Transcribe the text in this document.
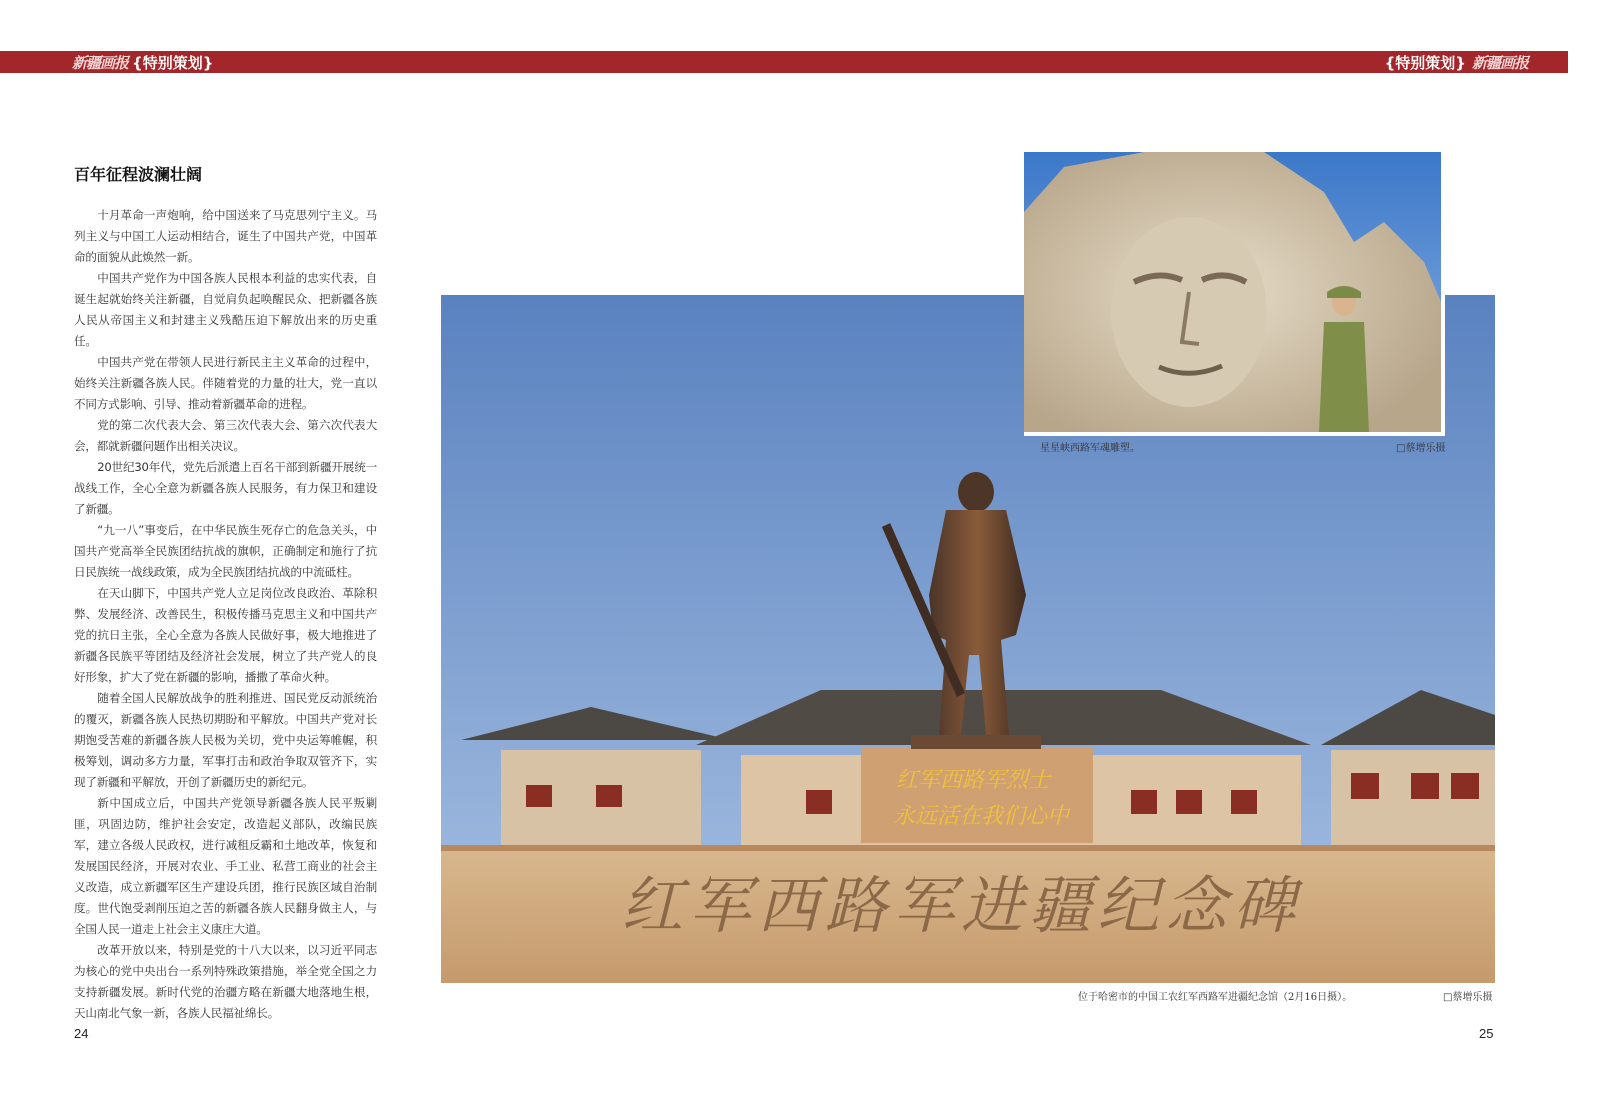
新疆画报 {特别策划}	{特别策划} 新疆画报
百年征程波澜壮阔

十月革命一声炮响，给中国送来了马克思列宁主义。马列主义与中国工人运动相结合，诞生了中国共产党，中国革命的面貌从此焕然一新。

中国共产党作为中国各族人民根本利益的忠实代表，自诞生起就始终关注新疆，自觉肩负起唤醒民众、把新疆各族人民从帝国主义和封建主义残酷压迫下解放出来的历史重任。

中国共产党在带领人民进行新民主主义革命的过程中，始终关注新疆各族人民。伴随着党的力量的壮大，党一直以不同方式影响、引导、推动着新疆革命的进程。

党的第二次代表大会、第三次代表大会、第六次代表大会，都就新疆问题作出相关决议。

20世纪30年代，党先后派遣上百名干部到新疆开展统一战线工作，全心全意为新疆各族人民服务，有力保卫和建设了新疆。

“九一八”事变后，在中华民族生死存亡的危急关头，中国共产党高举全民族团结抗战的旗帜，正确制定和施行了抗日民族统一战线政策，成为全民族团结抗战的中流砥柱。

在天山脚下，中国共产党人立足岗位改良政治、革除积弊、发展经济、改善民生，积极传播马克思主义和中国共产党的抗日主张，全心全意为各族人民做好事，极大地推进了新疆各民族平等团结及经济社会发展，树立了共产党人的良好形象，扩大了党在新疆的影响，播撒了革命火种。

随着全国人民解放战争的胜利推进、国民党反动派统治的覆灭，新疆各族人民热切期盼和平解放。中国共产党对长期饱受苦难的新疆各族人民极为关切，党中央运筹帷幄，积极筹划，调动多方力量，军事打击和政治争取双管齐下，实现了新疆和平解放，开创了新疆历史的新纪元。

新中国成立后，中国共产党领导新疆各族人民平叛剿匪，巩固边防，维护社会安定，改造起义部队，改编民族军，建立各级人民政权，进行减租反霸和土地改革，恢复和发展国民经济，开展对农业、手工业、私营工商业的社会主义改造，成立新疆军区生产建设兵团，推行民族区域自治制度。世代饱受剥削压迫之苦的新疆各族人民翻身做主人，与全国人民一道走上社会主义康庄大道。

改革开放以来，特别是党的十八大以来，以习近平同志为核心的党中央出台一系列特殊政策措施，举全党全国之力支持新疆发展。新时代党的治疆方略在新疆大地落地生根，天山南北气象一新，各族人民福祉绵长。

红军西路军烈士
永远活在我们心中
红军西路军进疆纪念碑
星星峡西路军魂雕塑。	□蔡增乐摄
位于哈密市的中国工农红军西路军进疆纪念馆（2月16日摄）。	□蔡增乐摄
24	25
